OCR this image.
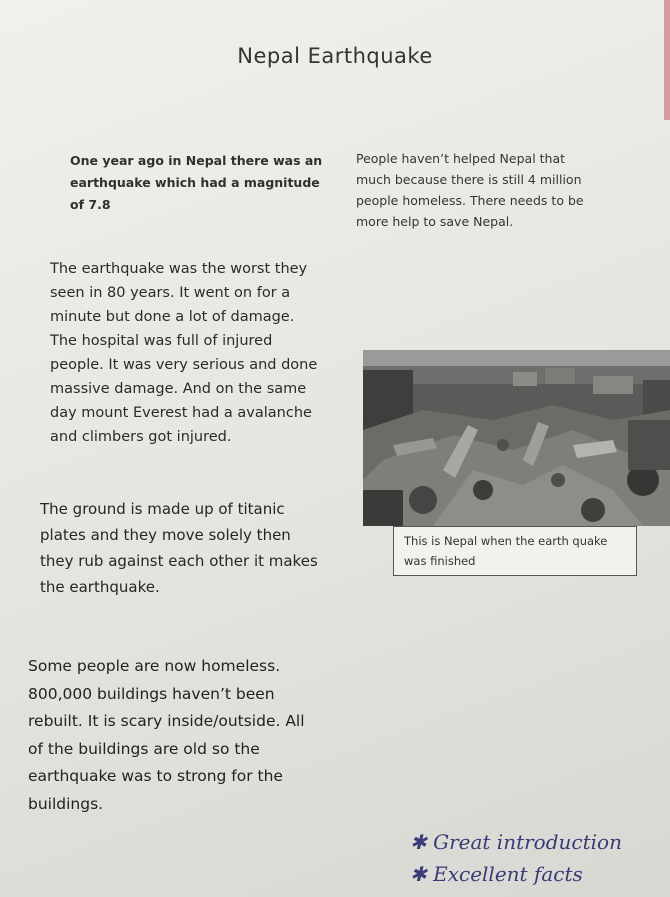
Nepal Earthquake

One year ago in Nepal there was an
earthquake which had a magnitude
of 7.8

People haven’t helped Nepal that
much because there is still 4 million
people homeless. There needs to be
more help to save Nepal.

The earthquake was the worst they
seen in 80 years. It went on for a
minute but done a lot of damage.
The hospital was full of injured
people. It was very serious and done
massive damage. And on the same
day mount Everest had a avalanche
and climbers got injured.

The ground is made up of titanic
plates and they move solely then
they rub against each other it makes
the earthquake.

Some people are now homeless.
800,000 buildings haven’t been
rebuilt. It is scary inside/outside. All
of the buildings are old so the
earthquake was to strong for the
buildings.

This is Nepal when the earth quake
was finished

✱ Great introduction
✱ Excellent facts
